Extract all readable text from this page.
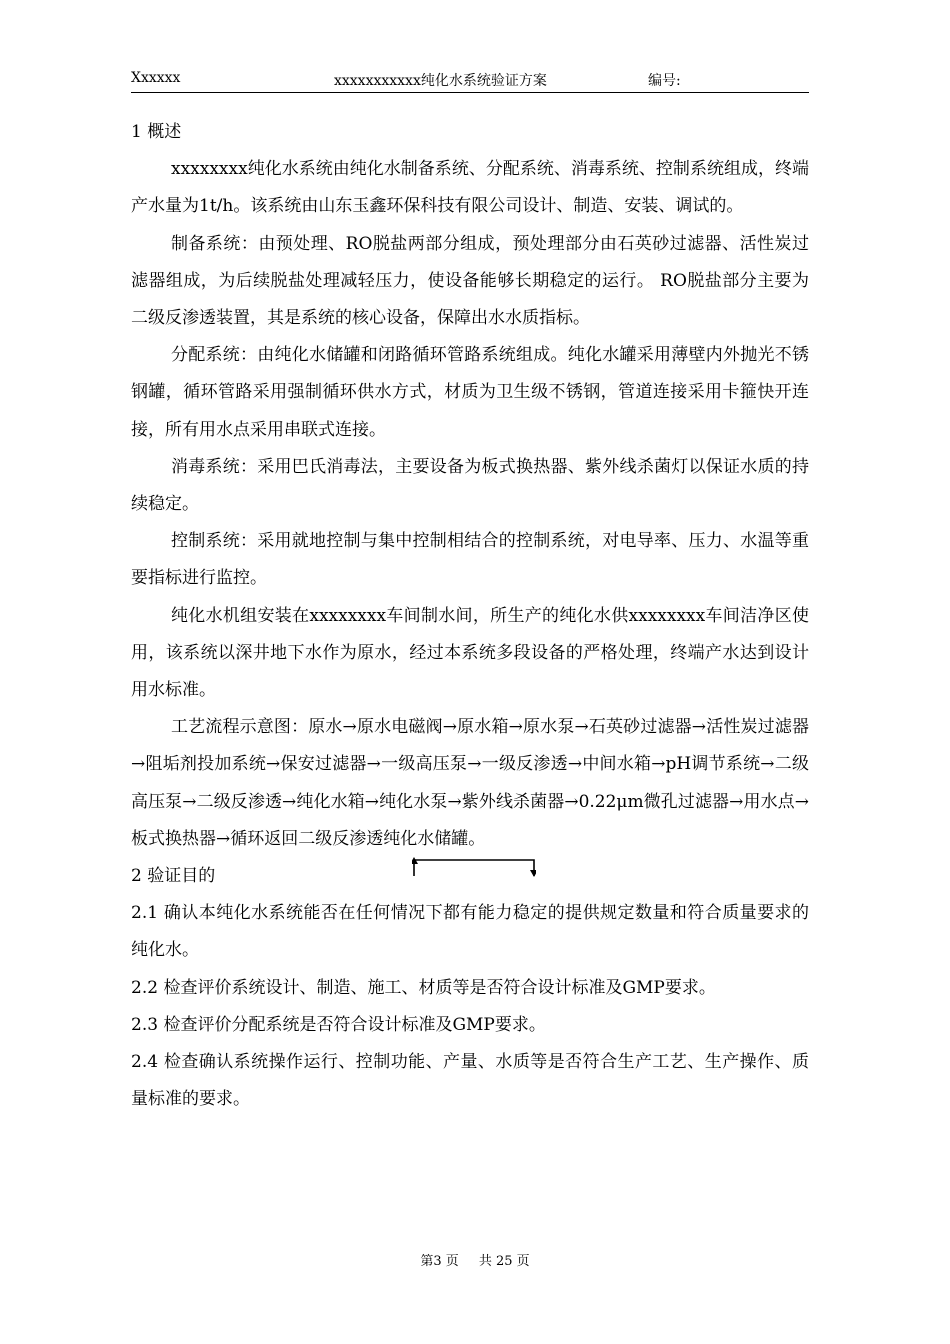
Xxxxxx	xxxxxxxxxxx纯化水系统验证方案	编号:

1 概述

xxxxxxxx纯化水系统由纯化水制备系统、分配系统、消毒系统、控制系统组成，终端产水量为1t/h。该系统由山东玉鑫环保科技有限公司设计、制造、安装、调试的。

制备系统：由预处理、RO脱盐两部分组成，预处理部分由石英砂过滤器、活性炭过滤器组成，为后续脱盐处理减轻压力，使设备能够长期稳定的运行。 RO脱盐部分主要为二级反渗透装置，其是系统的核心设备，保障出水水质指标。

分配系统：由纯化水储罐和闭路循环管路系统组成。纯化水罐采用薄壁内外抛光不锈钢罐，循环管路采用强制循环供水方式，材质为卫生级不锈钢，管道连接采用卡箍快开连接，所有用水点采用串联式连接。

消毒系统：采用巴氏消毒法，主要设备为板式换热器、紫外线杀菌灯以保证水质的持续稳定。

控制系统：采用就地控制与集中控制相结合的控制系统，对电导率、压力、水温等重要指标进行监控。

纯化水机组安装在xxxxxxxx车间制水间，所生产的纯化水供xxxxxxxx车间洁净区使用，该系统以深井地下水作为原水，经过本系统多段设备的严格处理，终端产水达到设计用水标准。

工艺流程示意图：原水→原水电磁阀→原水箱→原水泵→石英砂过滤器→活性炭过滤器→阻垢剂投加系统→保安过滤器→一级高压泵→一级反渗透→中间水箱→pH调节系统→二级高压泵→二级反渗透→纯化水箱→纯化水泵→紫外线杀菌器→0.22μm微孔过滤器→用水点→板式换热器→循环返回二级反渗透纯化水储罐。

2 验证目的

2.1 确认本纯化水系统能否在任何情况下都有能力稳定的提供规定数量和符合质量要求的纯化水。

2.2 检查评价系统设计、制造、施工、材质等是否符合设计标准及GMP要求。

2.3 检查评价分配系统是否符合设计标准及GMP要求。

2.4 检查确认系统操作运行、控制功能、产量、水质等是否符合生产工艺、生产操作、质量标准的要求。

第3 页 共 25 页
